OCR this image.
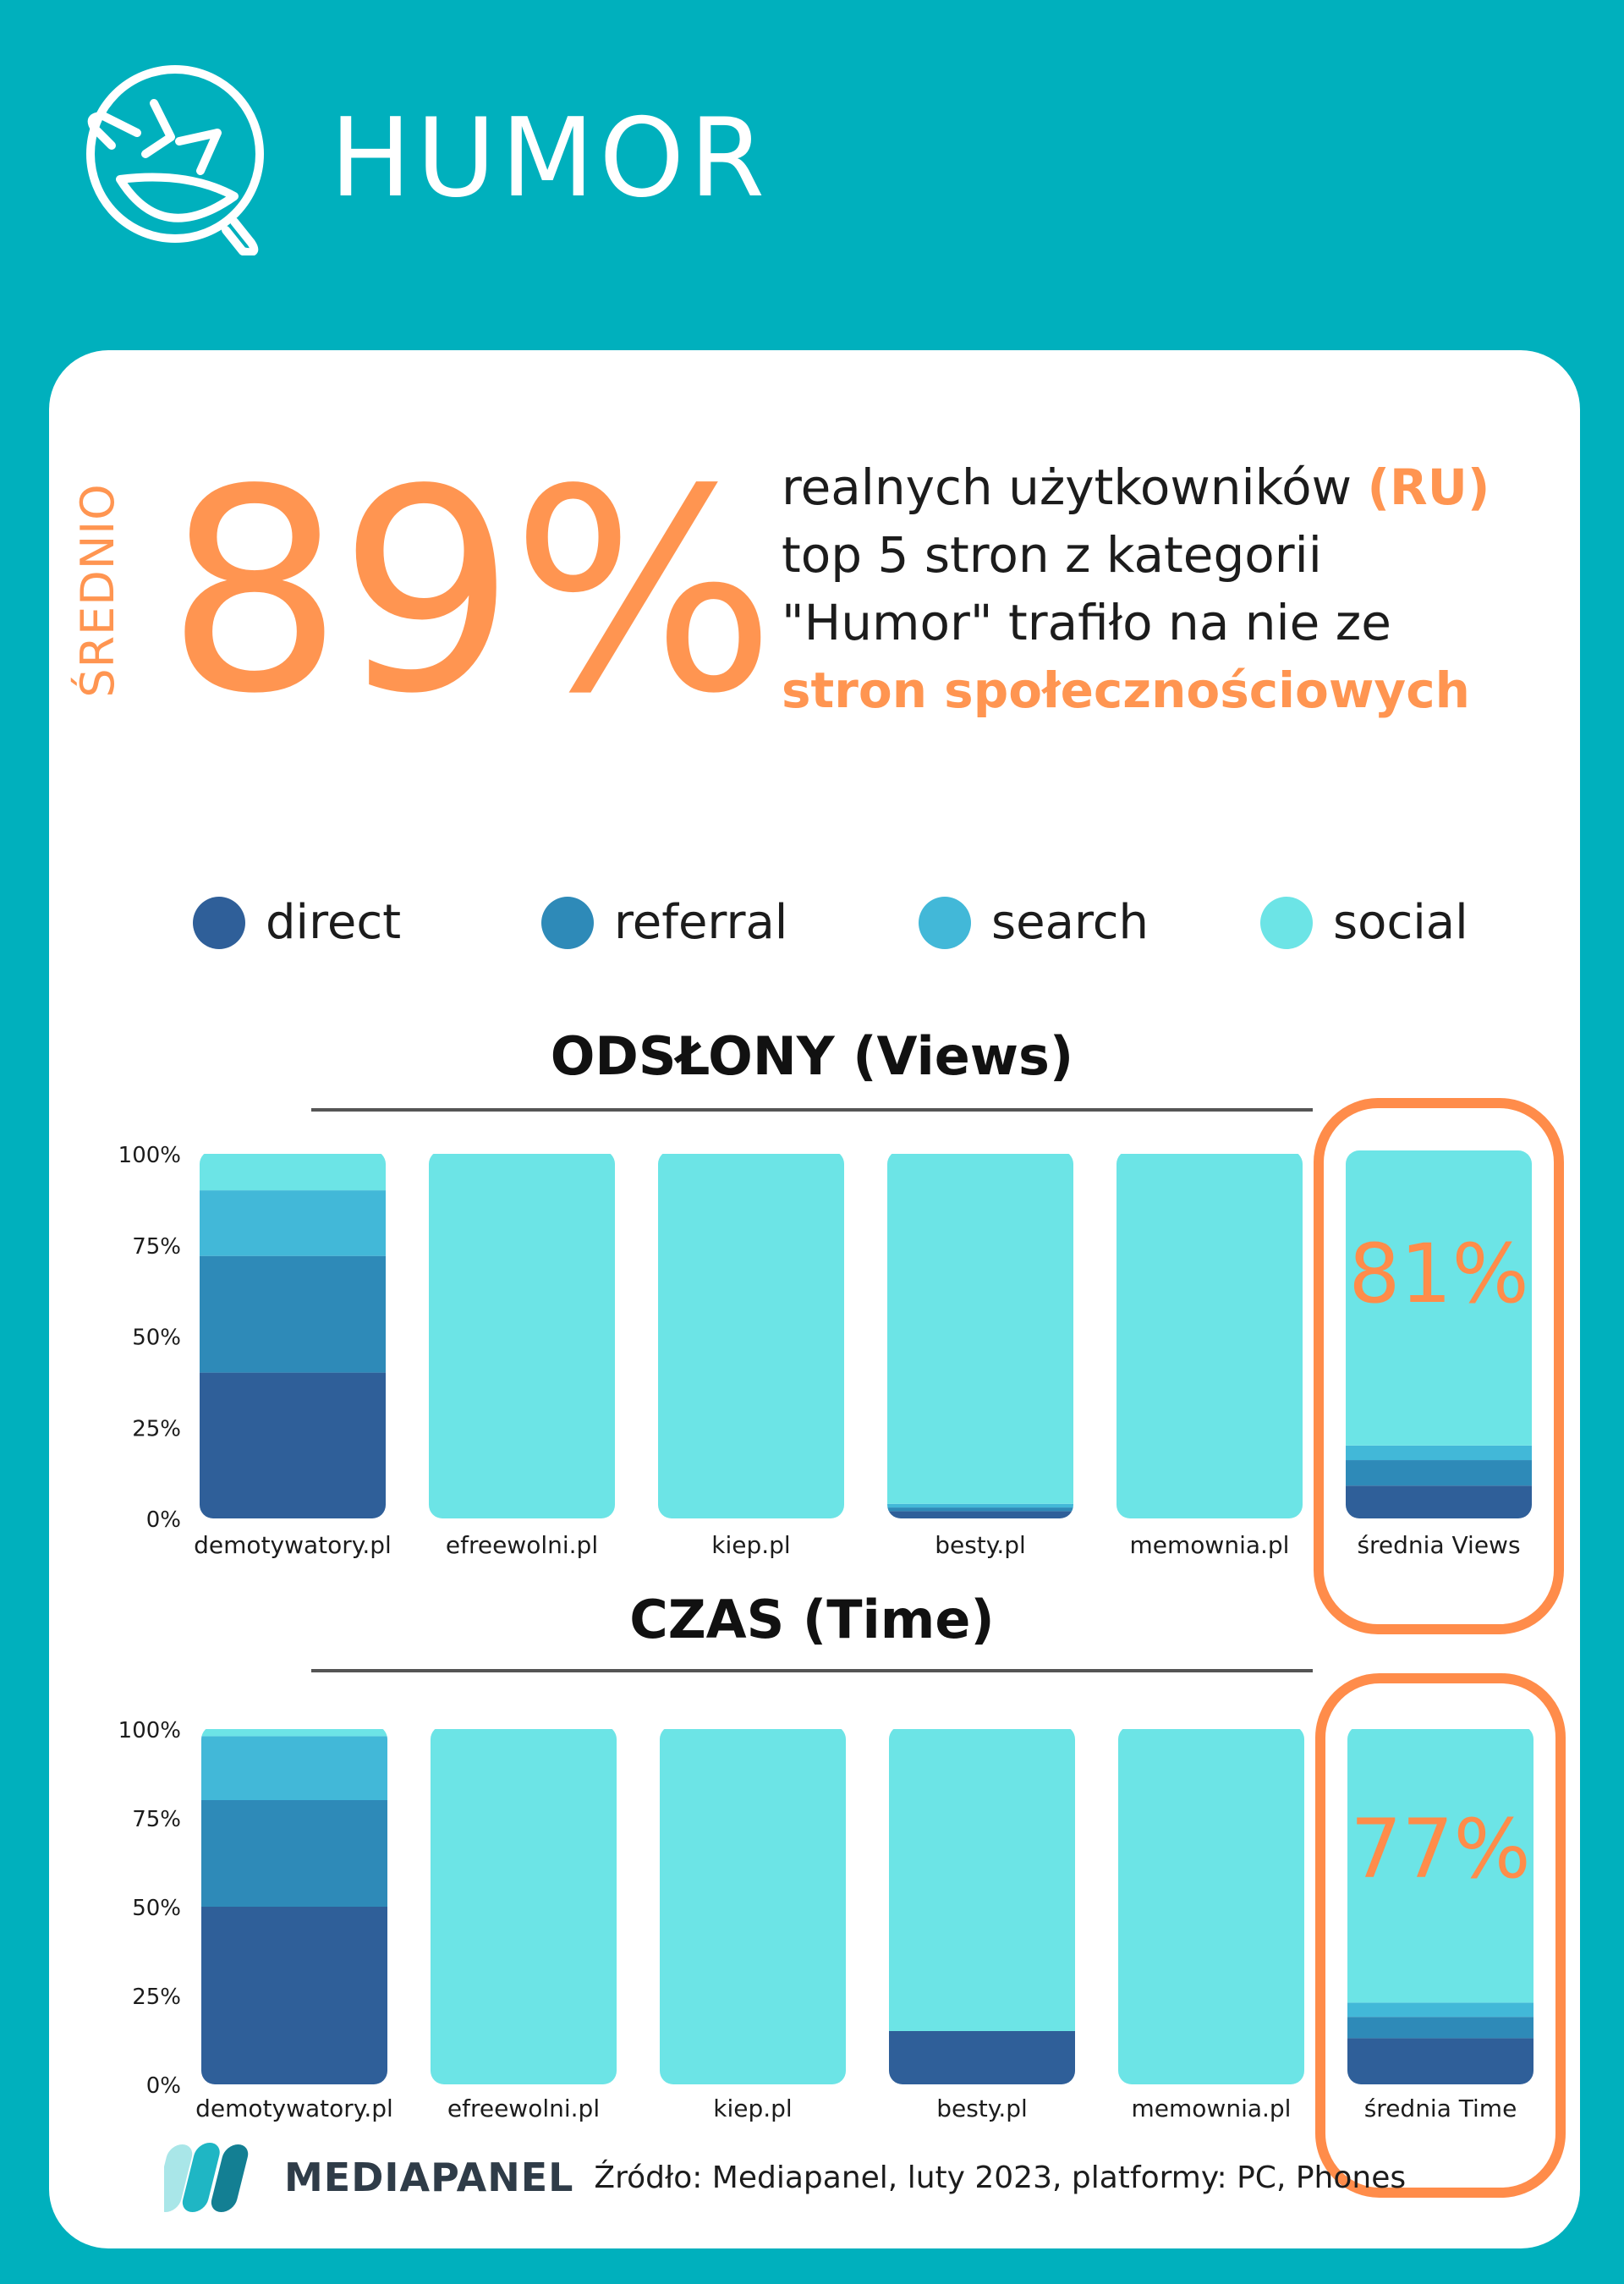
HUMOR
ŚREDNIO 89% realnych użytkowników (RU)
top 5 stron z kategorii
"Humor" trafiło na nie ze
stron społecznościowych
direct	referral	search	social
ODSŁONY (Views)
CZAS (Time)
0%
25%
50%
75%
100%
demotywatory.pl efreewolni.pl	kiep.pl	besty.pl	memownia.pl	średnia Views
81%
0%
25%
50%
75%
100%
demotywatory.pl efreewolni.pl	kiep.pl	besty.pl	memownia.pl	średnia Time
77%
MEDIAPANEL Źródło: Mediapanel, luty 2023, platformy: PC, Phones
